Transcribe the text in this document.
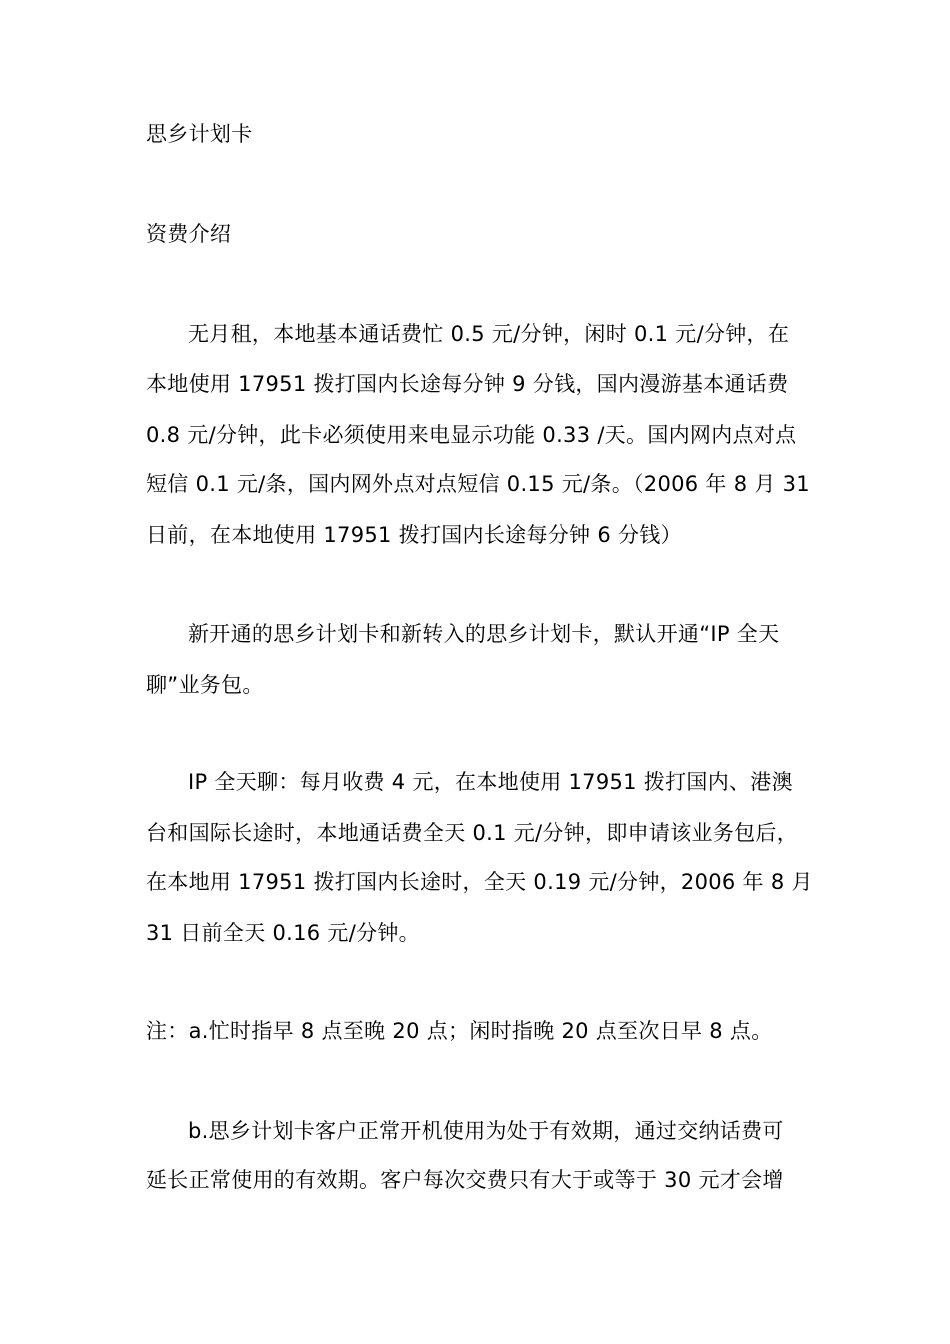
思乡计划卡
资费介绍
无月租，本地基本通话费忙 0.5 元/分钟，闲时 0.1 元/分钟，在
本地使用 17951 拨打国内长途每分钟 9 分钱，国内漫游基本通话费
0.8 元/分钟，此卡必须使用来电显示功能 0.33 /天。国内网内点对点
短信 0.1 元/条，国内网外点对点短信 0.15 元/条。（2006 年 8 月 31
日前，在本地使用 17951 拨打国内长途每分钟 6 分钱）
新开通的思乡计划卡和新转入的思乡计划卡，默认开通“IP 全天
聊”业务包。
IP 全天聊：每月收费 4 元，在本地使用 17951 拨打国内、港澳
台和国际长途时，本地通话费全天 0.1 元/分钟，即申请该业务包后，
在本地用 17951 拨打国内长途时，全天 0.19 元/分钟，2006 年 8 月
31 日前全天 0.16 元/分钟。
注：a.忙时指早 8 点至晚 20 点；闲时指晚 20 点至次日早 8 点。
b.思乡计划卡客户正常开机使用为处于有效期，通过交纳话费可
延长正常使用的有效期。客户每次交费只有大于或等于 30 元才会增
